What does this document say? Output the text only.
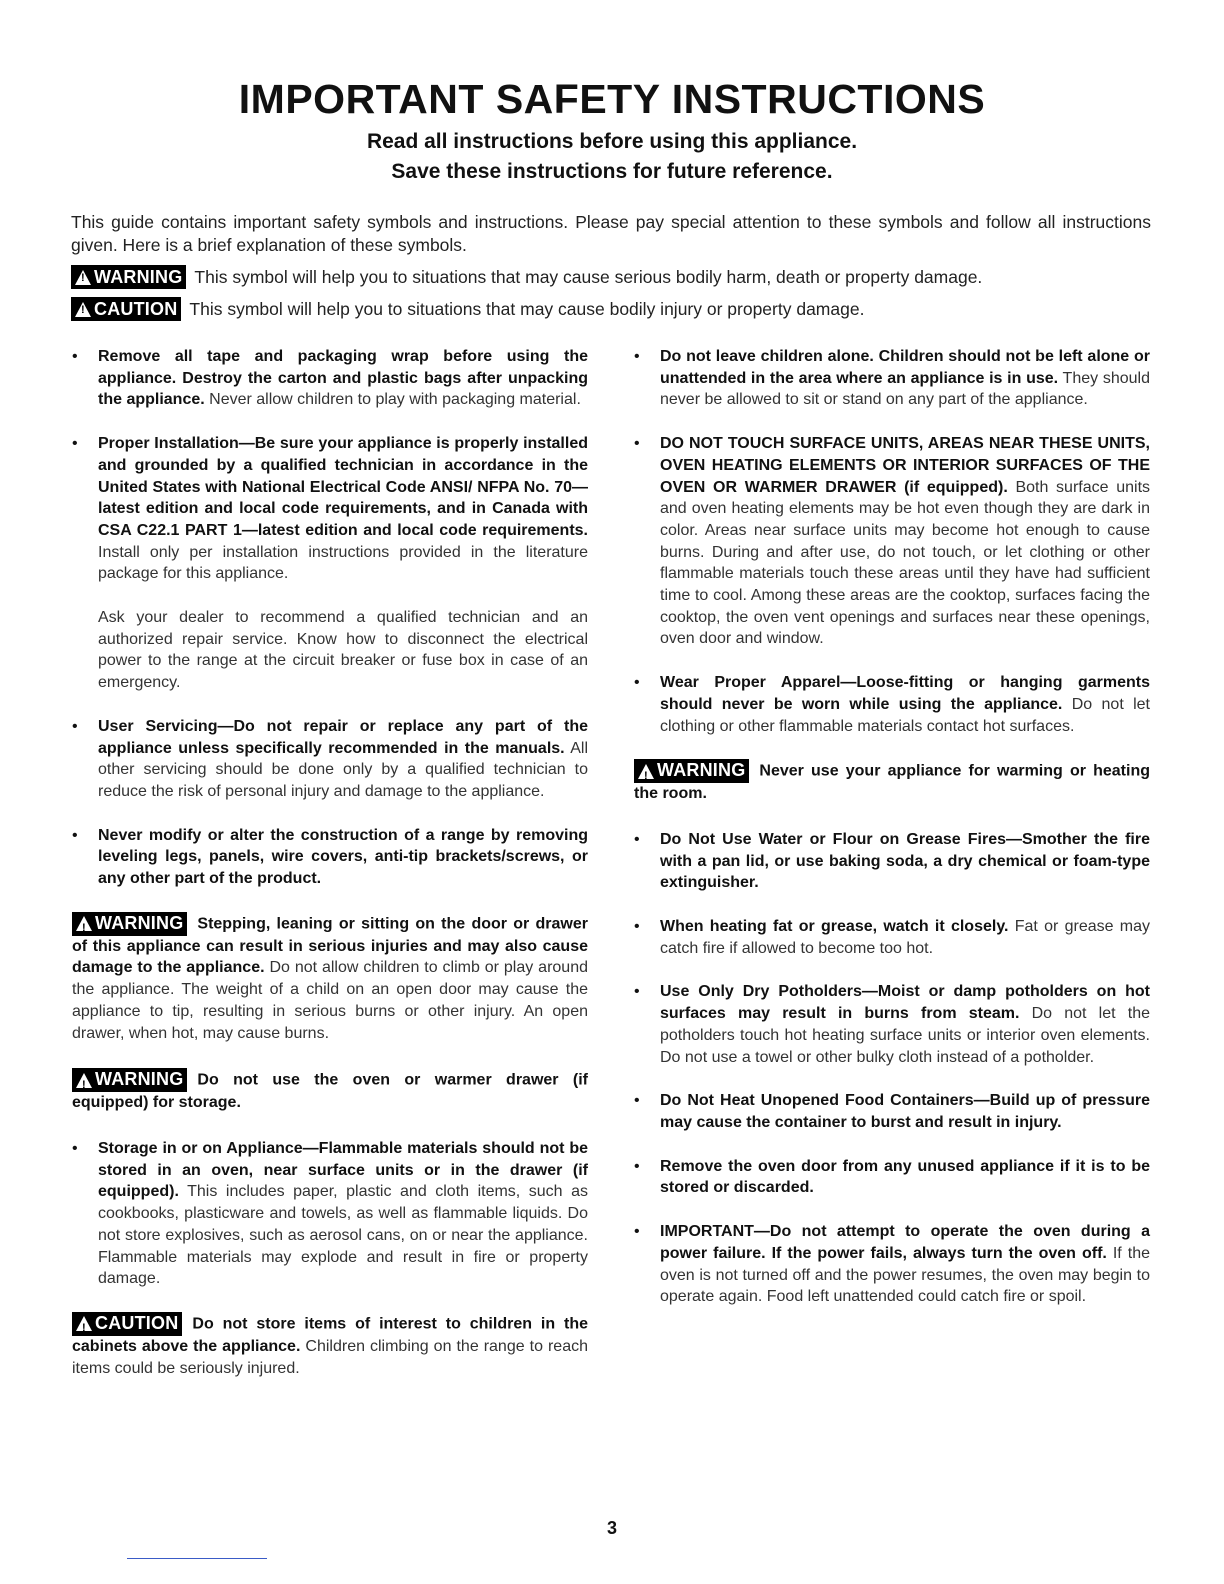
IMPORTANT SAFETY INSTRUCTIONS
Read all instructions before using this appliance.
Save these instructions for future reference.
This guide contains important safety symbols and instructions. Please pay special attention to these symbols and follow all instructions given. Here is a brief explanation of these symbols.
!
WARNING This symbol will help you to situations that may cause serious bodily harm, death or property damage.
!
CAUTION This symbol will help you to situations that may cause bodily injury or property damage.
• Remove all tape and packaging wrap before using the appliance. Destroy the carton and plastic bags after unpacking the appliance. Never allow children to play with packaging material.

• Proper Installation—Be sure your appliance is properly installed and grounded by a qualified technician in accordance in the United States with National Electrical Code ANSI/ NFPA No. 70—latest edition and local code requirements, and in Canada with CSA C22.1 PART 1—latest edition and local code requirements. Install only per installation instructions provided in the literature package for this appliance.

Ask your dealer to recommend a qualified technician and an authorized repair service. Know how to disconnect the electrical power to the range at the circuit breaker or fuse box in case of an emergency.

• User Servicing—Do not repair or replace any part of the appliance unless specifically recommended in the manuals. All other servicing should be done only by a qualified technician to reduce the risk of personal injury and damage to the appliance.

• Never modify or alter the construction of a range by removing leveling legs, panels, wire covers, anti-tip brackets/screws, or any other part of the product.

!
WARNING Stepping, leaning or sitting on the door or drawer of this appliance can result in serious injuries and may also cause damage to the appliance. Do not allow children to climb or play around the appliance. The weight of a child on an open door may cause the appliance to tip, resulting in serious burns or other injury. An open drawer, when hot, may cause burns.

!
WARNING Do not use the oven or warmer drawer (if equipped) for storage.

• Storage in or on Appliance—Flammable materials should not be stored in an oven, near surface units or in the drawer (if equipped). This includes paper, plastic and cloth items, such as cookbooks, plasticware and towels, as well as flammable liquids. Do not store explosives, such as aerosol cans, on or near the appliance. Flammable materials may explode and result in fire or property damage.

!
CAUTION Do not store items of interest to children in the cabinets above the appliance. Children climbing on the range to reach items could be seriously injured.

• Do not leave children alone. Children should not be left alone or unattended in the area where an appliance is in use. They should never be allowed to sit or stand on any part of the appliance.

• DO NOT TOUCH SURFACE UNITS, AREAS NEAR THESE UNITS, OVEN HEATING ELEMENTS OR INTERIOR SURFACES OF THE OVEN OR WARMER DRAWER (if equipped). Both surface units and oven heating elements may be hot even though they are dark in color. Areas near surface units may become hot enough to cause burns. During and after use, do not touch, or let clothing or other flammable materials touch these areas until they have had sufficient time to cool. Among these areas are the cooktop, surfaces facing the cooktop, the oven vent openings and surfaces near these openings, oven door and window.

• Wear Proper Apparel—Loose-fitting or hanging garments should never be worn while using the appliance. Do not let clothing or other flammable materials contact hot surfaces.

!
WARNING Never use your appliance for warming or heating the room.

• Do Not Use Water or Flour on Grease Fires—Smother the fire with a pan lid, or use baking soda, a dry chemical or foam-type extinguisher.

• When heating fat or grease, watch it closely. Fat or grease may catch fire if allowed to become too hot.

• Use Only Dry Potholders—Moist or damp potholders on hot surfaces may result in burns from steam. Do not let the potholders touch hot heating surface units or interior oven elements. Do not use a towel or other bulky cloth instead of a potholder.

• Do Not Heat Unopened Food Containers—Build up of pressure may cause the container to burst and result in injury.

• Remove the oven door from any unused appliance if it is to be stored or discarded.

• IMPORTANT—Do not attempt to operate the oven during a power failure. If the power fails, always turn the oven off. If the oven is not turned off and the power resumes, the oven may begin to operate again. Food left unattended could catch fire or spoil.

3
